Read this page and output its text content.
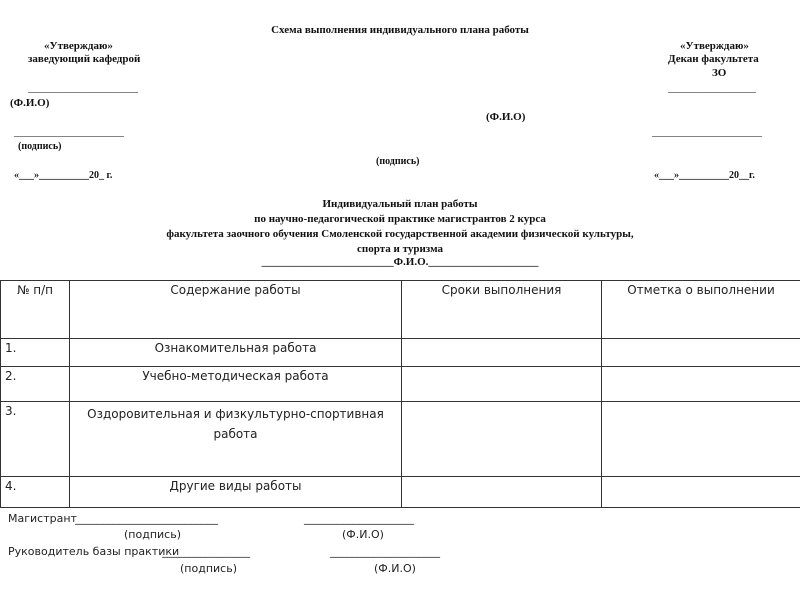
Схема выполнения индивидуального плана работы
«Утверждаю»
заведующий кафедрой
____________________
(Ф.И.О)
____________________
(подпись)
«___»__________20_ г.
(Ф.И.О)
(подпись)
«Утверждаю»
Декан факультета
ЗО
________________
____________________
«___»__________20__г.
Индивидуальный план работы
по научно-педагогической практике магистрантов 2 курса
факультета заочного обучения Смоленской государственной академии физической культуры,
спорта и туризма
________________________Ф.И.О.____________________
№ п/п	Содержание работы	Сроки выполнения	Отметка о выполнении
1.	Ознакомительная работа		
2.	Учебно-методическая работа		
3.	Оздоровительная и физкультурно-спортивная работа		
4.	Другие виды работы		
Магистрант
__________________________	____________________
(подпись)	(Ф.И.О)
Руководитель базы практики
________________	____________________
(подпись)	(Ф.И.О)
